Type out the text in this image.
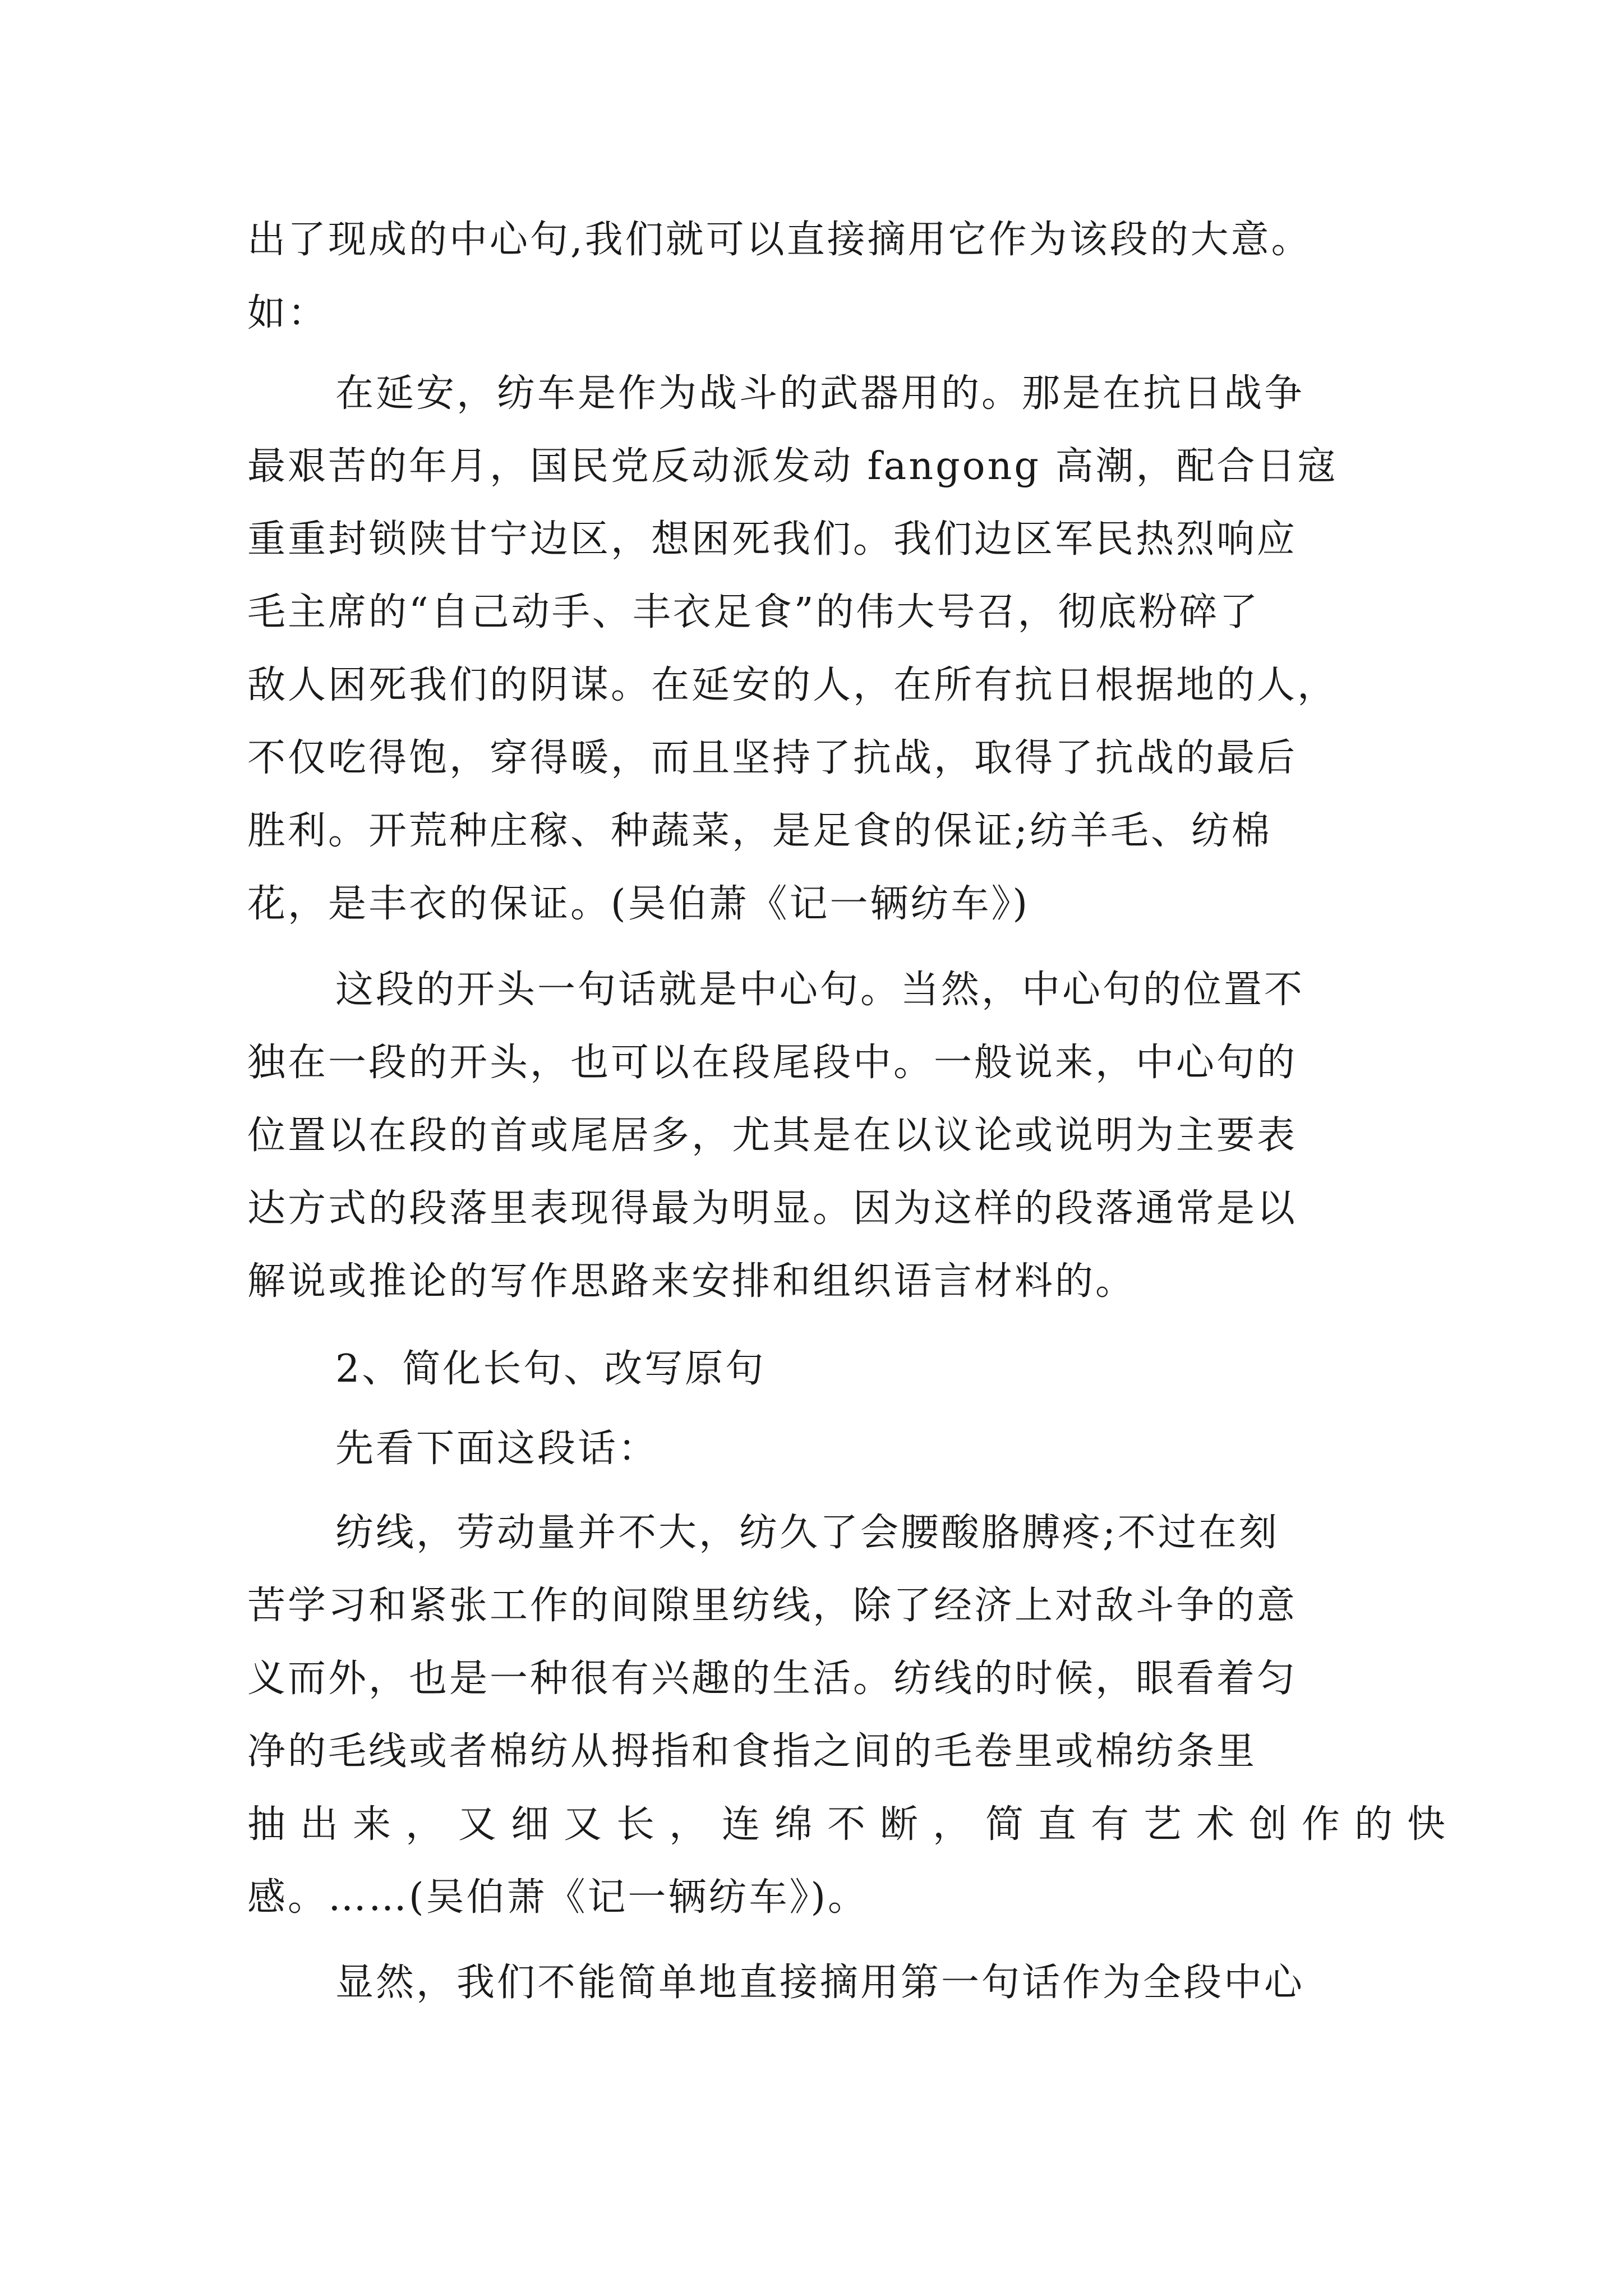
出了现成的中心句,我们就可以直接摘用它作为该段的大意。
如：
在延安，纺车是作为战斗的武器用的。那是在抗日战争
最艰苦的年月，国民党反动派发动 fangong 高潮，配合日寇
重重封锁陕甘宁边区，想困死我们。我们边区军民热烈响应
毛主席的“自己动手、丰衣足食”的伟大号召，彻底粉碎了
敌人困死我们的阴谋。在延安的人，在所有抗日根据地的人，
不仅吃得饱，穿得暖，而且坚持了抗战，取得了抗战的最后
胜利。开荒种庄稼、种蔬菜，是足食的保证;纺羊毛、纺棉
花，是丰衣的保证。(吴伯萧《记一辆纺车》)
这段的开头一句话就是中心句。当然，中心句的位置不
独在一段的开头，也可以在段尾段中。一般说来，中心句的
位置以在段的首或尾居多，尤其是在以议论或说明为主要表
达方式的段落里表现得最为明显。因为这样的段落通常是以
解说或推论的写作思路来安排和组织语言材料的。
2、简化长句、改写原句
先看下面这段话：
纺线，劳动量并不大，纺久了会腰酸胳膊疼;不过在刻
苦学习和紧张工作的间隙里纺线，除了经济上对敌斗争的意
义而外，也是一种很有兴趣的生活。纺线的时候，眼看着匀
净的毛线或者棉纺从拇指和食指之间的毛卷里或棉纺条里
抽出来，又细又长，连绵不断，简直有艺术创作的快
感。……(吴伯萧《记一辆纺车》)。
显然，我们不能简单地直接摘用第一句话作为全段中心
